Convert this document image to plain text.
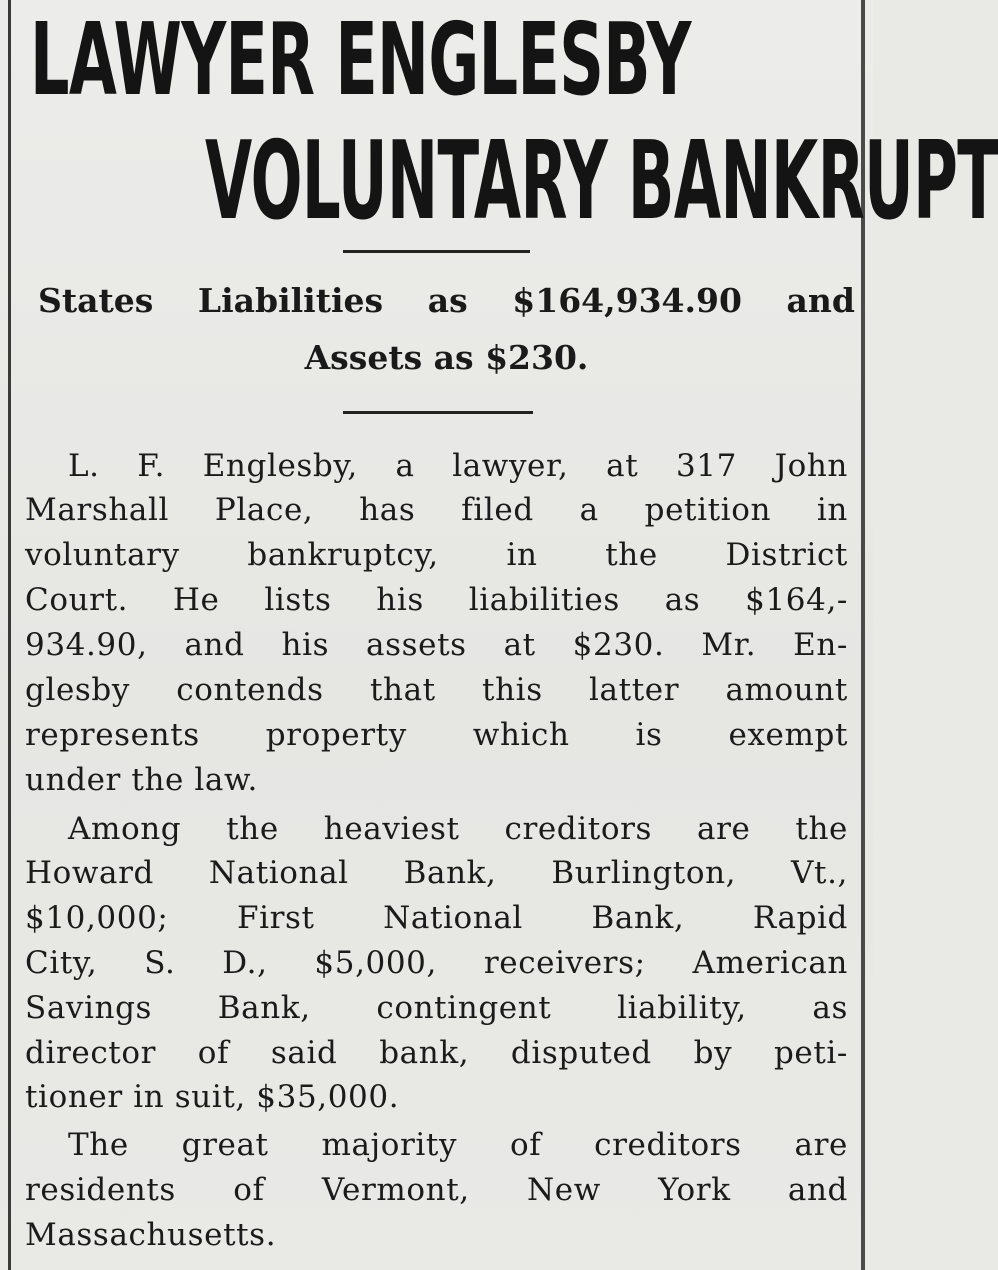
LAWYER ENGLESBY
VOLUNTARY BANKRUPT
States Liabilities as $164,934.90 and
Assets as $230.
L. F. Englesby, a lawyer, at 317 John
Marshall Place, has filed a petition in
voluntary bankruptcy, in the District
Court. He lists his liabilities as $164,-
934.90, and his assets at $230. Mr. En-
glesby contends that this latter amount
represents property which is exempt
under the law.
Among the heaviest creditors are the
Howard National Bank, Burlington, Vt.,
$10,000; First National Bank, Rapid
City, S. D., $5,000, receivers; American
Savings Bank, contingent liability, as
director of said bank, disputed by peti-
tioner in suit, $35,000.
The great majority of creditors are
residents of Vermont, New York and
Massachusetts.
